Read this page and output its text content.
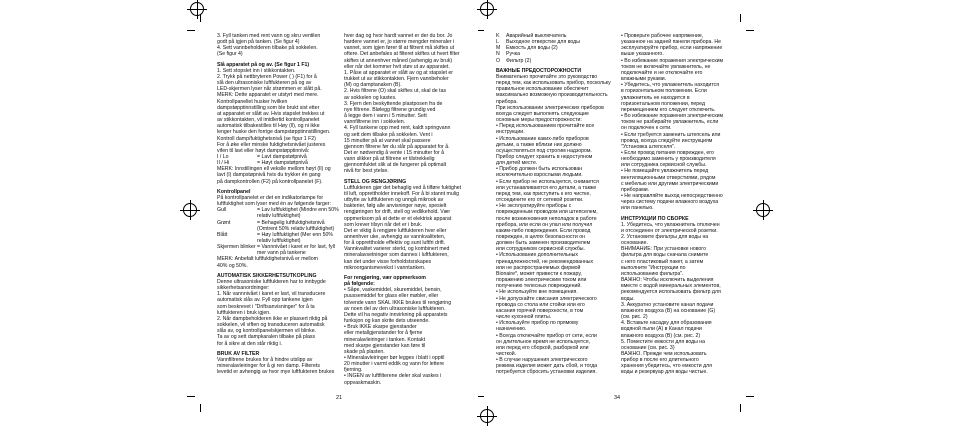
3. Fyll tanken med rent vann og skru ventilen

godt på igjen på tanken. (Se figur 4)

4. Sett vannbeholderen tilbake på sokkelen.

(Se figur 4)

Slå apparatet på og av. (Se figur 1 F1)

1. Sett stopslet inn i stikkontakten.

2. Trykk på nettbryteren Power ( ) (F1) for å

slå den ultrasoniske luftfukteren på og av

LED-skjermen lyser når strømmen er slått på.

MERK: Dette apparatet er utstyrt med mere.

Kontrollpanellet husker hvilken

dampstøpptinnstilling som ble brukt sist etter

at apparatet er slått av. Hvis stapslet trekkes ut

av stikkontakten, vil imidlertid kontrollpanelet

automatisk tilbakestilles til Høy (ll), og ni ikke

lenger huske den forrige dampstøpptinnstillingen.

Kontroll damp/fuktighetsnivå (se figur 1 F2)

For å øke eller minske fuktighetsnivået justeres

vifen til lavt eller høyt dampstøpptinnivå:

I / Lo	= Lavt dampstøtpnivå
II / Hi	= Høyt dampstøtpnivå

MERK: Innstillingen ell vekslle mellom høyt (lI) og

lavt (I) dampstøpnivå hvis du trykker én gang

på dampkontrollen (F2) på kontrollpanelet (F).

Kontrollpanel

På kontrollpanelet er det en indikatorlampe for

luftfuktighet som lyser med én av følgende farger:

Gull	= Lav luftfuktighet (Mindre enn 50% relativ luftfuktighet)
Grønt	= Behagelig luftfuktighetsnivå (Omtrent 50% relativ luftfuktighet)
Blått	= Høy luftfuktighet (Mer enn 50% relativ luftfuktighet)
Skjermen blinker = Vannnivået i karet er for lavt, fyll mer vann på tankene

MERK: Anbefalt luftfuktighetsnivå er mellom

40% og 50%.

AUTOMATISK SIKKERHETSUTKOPLING

Denne ultrasoniske luftfukteren har to innbygde

sikkerhetsanordninger:

1. Når vannnivået i karet er lavt, vil transducere

automatisk slås av. Fyll opp tankene igjen

som beskrevet i "Driftsanvisninger" for å ta

luftfukteren i bruk igjen.

2. Når dampbeholderen ikke er plassert riktig på

sokkelen, vil viften og transduceren automatisk

slås av, og kontrollpanelskjermen vil blinke.

Ta av og sett dampkaralen tilbake på plass

for å sikre at den står riktig i.

BRUK AV FILTER

Vannfiltrene brukes for å hindre utslipp av

mineralavleiringer for å gi ren damp. Filterets

levetid er avhengig av hvor mye luftfukteren brukes

hver dag og hvor hardt vannet er der du bor. Jo

hardere vannet er, jo større mengder mineraler i

vannet, som igjen fører til at filtrent må skiftes ut

oftere. Det anbefales at filteret skiftes ut hvert filter

skiftes ut annenhver måned (avhengig av bruk)

eller når det kommer hvit støv ut av apparatet.

1. Påse at apparatet er slått av og at stapslet er

trukket ut av stikkontakten. Fjern vannbeholer

(M) og damptanaken (B).

2. Hvis filtrene (O) skal skiftes ut, skal de tas

av sokkelen og kastes.

3. Fjern den beskyttende plastposen fra de

nye filtrene. Blølegg filtrene grundig ved

å legge dem i vann i 5 minutter. Sett

vannfiltrene inn i sokkelen.

4. Fyll tankene opp med rent, kaldt springvann

og sett dem tilbake på sokkelen. Vent i

15 minutter på at vannet skal passere

gjennom filtrene før du slår på apparatet for å.

Det er nødvendig å vente i 15 minutter for å

vann slikker på at filtrene er tilstrekkelig

gjennomfuktet slik at de fungerer på optimalt

nivå for best ytelse.

STELL OG RENGJØRING

Luftfukteren gjør det behaglig ved å tilføre fuktighet

til luft, opprettholder innekoff. For å bi stannt mulig

utbytte av luftfukteren og unngå mikrook av

bakterier, følg alle anvisninger nøye, spesielt

rengjøringen for drift, stell og vedlikehold. Vær

oppmerksom på at dette er et elektrisk apparat

som krever tilsyn når det er i bruk.

Det er viktig å rengjøre luftfukteren hver eller

annenhver uke, avhengig av vannkvaliteten,

for å opprettholde effektiv og sunt luftfri drift.

Vannkvalitet varierer sterkt, og kombinert med

mineralavsetninger som dannes i luftfukteren,

kan det under visse forholdstsrskapes

mikroorganismevekst i vanntanken.

For rengjøring, vær oppmerksom

på følgende:

• Såpe, vaskemiddel, skuremiddel, bensin,

puussemiddel for glass eller møbler, eller

tolvende vann SKAL IKKE brukes til rengjøring

av noen del av den ultrasoniske luftfukteren.

Dette vil ha negativ innvirkning på apparatets

funksjon og kan skrite dets utseende.

• Bruk IKKE skarpe gjenstander

eller metallgjenstander for å fjerne

mineralavleiringer i tanken. Kontakt

med skarpe gjenstander kan føre til

skade på plasten.

• Mineralavleiringer bør legges i blatt i opptil

20 minutter i varmt eddik og vann for lettere

fjerning.

• INGEN av luftfilterene deler skal vaskes i

oppvaskmaskin.

K	Аварийный выключатель
L	Выходное отверстие для воды
M	Емкость для воды (2)
N	Ручка
O	Фильтр (2)

ВАЖНЫЕ ПРЕДОСТОРОЖНОСТИ

Внимательно прочитайте это руководство

перед тем, как использовать прибор, поскольку

правильное использование обеспечит

максимально возможную производительность

прибора.

При использовании электрических приборов

всегда следует выполнять следующие

основные меры предосторожности:

• Перед использованием прочитайте все

инструкции.

• Использование каких-либо приборов

детьми, а также вблизи них должно

осуществляться под строгим надзором.

Прибор следует хранить в недоступном

для детей месте.

• Прибор должен быть использован

исключительно взрослыми людьми.

• Если прибор не используется, снимается

или устанавливаются его детали, а также

перед тем, как приступить к его чистке,

отсоедините его от сетевой розетки.

• Не эксплуатируйте приборы с

поврежденным проводом или штепселем,

после возникновения неполадок в работе

прибора, или если он упал или получил

каким-либо повреждения. Если провод

поврежден, в целях безопасности он

должен быть заменен производителем

или сотрудником сервисной службы.

• Использование дополнительных

принадлежностей, не рекомендованных

или не распространяемых фирмой

Bionaire*, может привести к пожару,

поражению электрическим током или

получению телесных повреждений.

• Не используйте вне помещения.

• Не допускайте свисания электрического

провода со стола или стойки или его

касания горячей поверхности, в том

числе кухонной плиты.

• Используйте прибор по прямому

назначению.

• Всегда отключайте прибор от сети, если

он длительное время не используется,

или перед его сборкой, разборкой или

чисткой.

• В случае нарушения электрического

режима изделия может дать сбой, и тогда

потребуется сбросить установки изделия.

• Проверьте рабочее напряжение,

указанное на задней панели прибора. Не

эксплуатируйте прибор, если напряжение

выше указанного.

• Во избежание поражения электрическим

током не включайте увлажнитель, не

подключайте и не отключайте его

влажными руками.

• Убедитесь, что увлажнитель находится

в горизонтальном положении. Если

увлажнитель не находится в

горизонтальном положении, перед

перемещением его следует отключить.

• Во избежание поражения электрическим

током не разбирайте увлажнитель, если

он подключен к сети.

• Если требуется заменить штепсель или

провод, всегда следуйте инструкциям

"Установка штепселя".

• Если провод питания поврежден, его

необходимо заменить у производителя

или сотрудника сервисной службы.

• Не помещайте увлажнитель перед

вентиляционными отверстиями, рядом

с мебелью или другими электрическими

приборами.

• Не направляйте выход непосредственно

через систему подачи влажного воздуха

или панелью.

ИНСТРУКЦИИ ПО СБОРКЕ

1. Убедитесь, что увлажнитель отключен

и отсоединен от электрической розетки.

2. Установите фильтры для воды на

основание.

ВНИМАНИЕ: При установке нового

фильтра для воды сначала снимите

с него пластиковый пакет, а затем

выполните "Инструкции по

использованию фильтра".

ВАЖНО: Чтобы исключить выделения

вместе с водой минеральных элементов,

рекомендуется использовать фильтр для

воды.

3. Аккуратно установите канал подачи

влажного воздуха (В) на основание (G)

(см. рис. 2)

4. Вставьте насадку для образования

водяной пыли (A) в Канал подачи

влажного воздуха (В) (см. рис. 2)

5. Поместите емкости для воды на

основание (см. рис. 3)

ВАЖНО. Прежде чем использовать

прибор в после его длительного

хранения убедитесь, что емкости для

воды и резервуар для воды чистые.

21	34
